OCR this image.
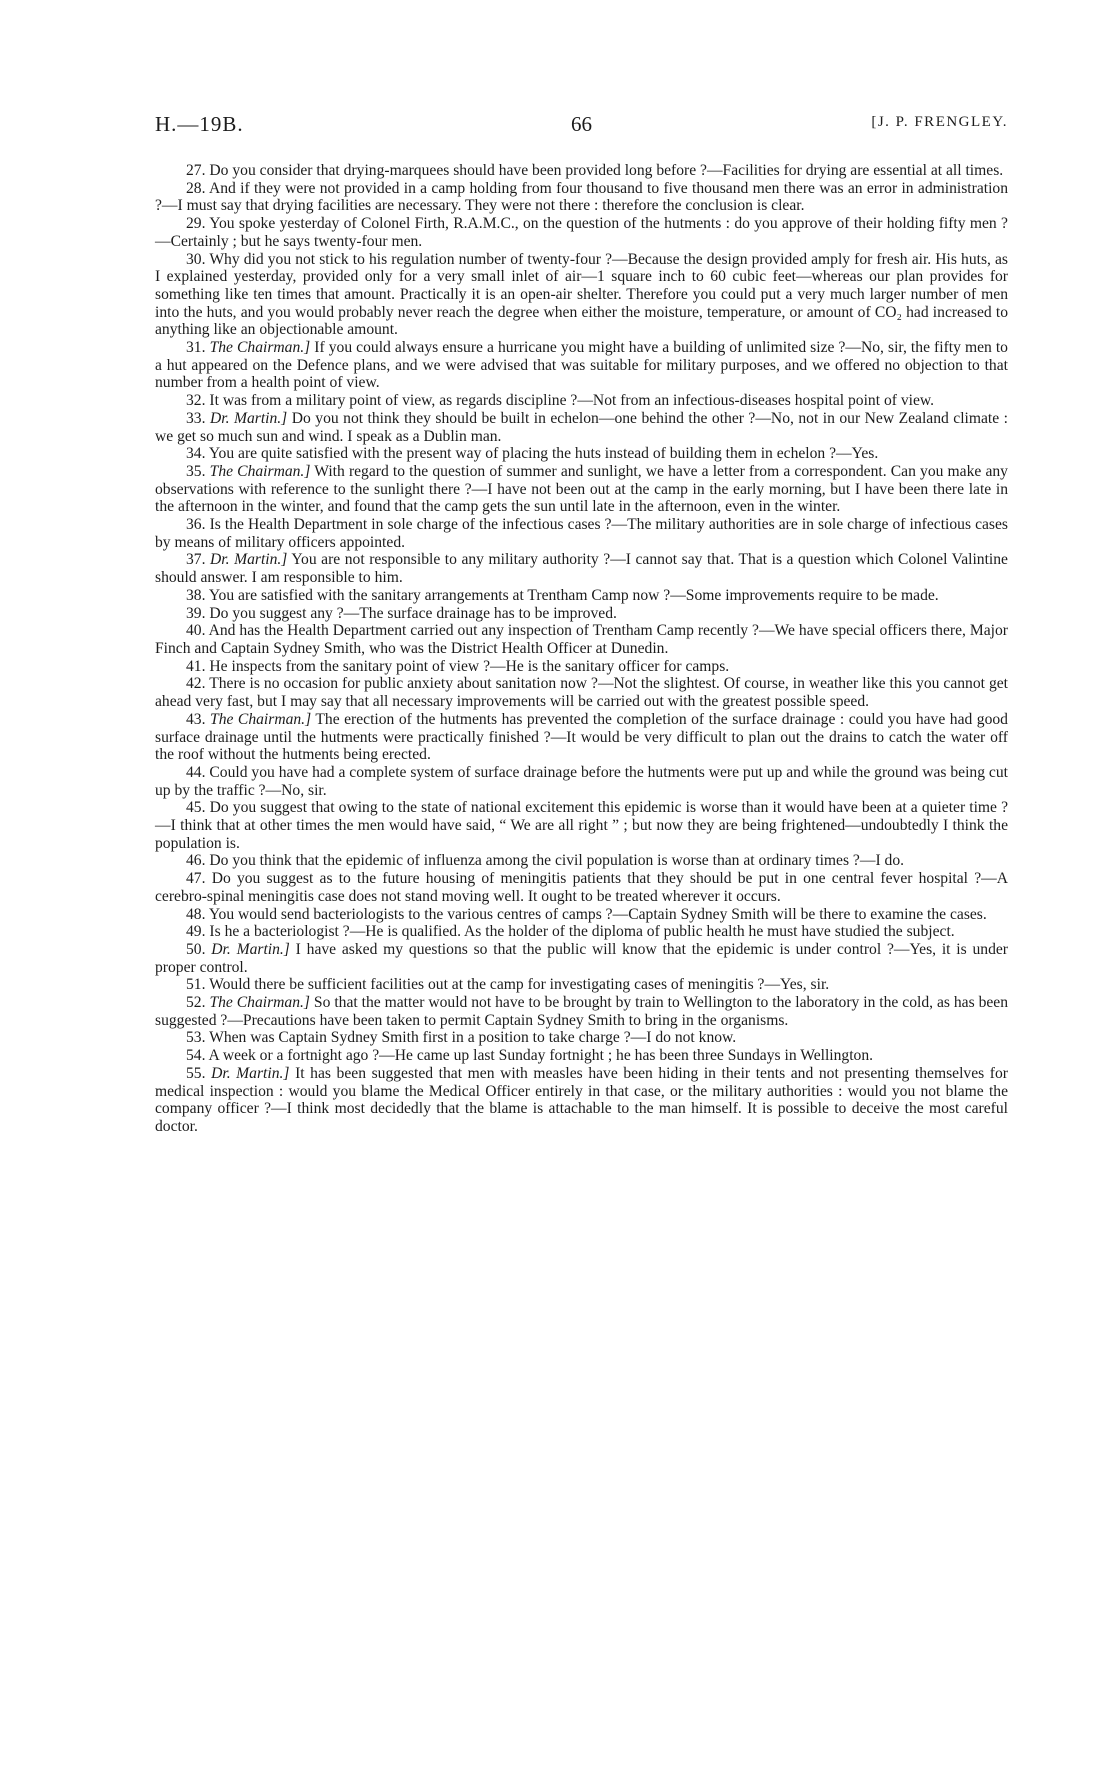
H.—19B.	66	[J. P. FRENGLEY.

27. Do you consider that drying-marquees should have been provided long before ?—Facilities for drying are essential at all times.

28. And if they were not provided in a camp holding from four thousand to five thousand men there was an error in administration ?—I must say that drying facilities are necessary. They were not there : therefore the conclusion is clear.

29. You spoke yesterday of Colonel Firth, R.A.M.C., on the question of the hutments : do you approve of their holding fifty men ?—Certainly ; but he says twenty-four men.

30. Why did you not stick to his regulation number of twenty-four ?—Because the design provided amply for fresh air. His huts, as I explained yesterday, provided only for a very small inlet of air—1 square inch to 60 cubic feet—whereas our plan provides for something like ten times that amount. Practically it is an open-air shelter. Therefore you could put a very much larger number of men into the huts, and you would probably never reach the degree when either the moisture, temperature, or amount of CO₂ had increased to anything like an objectionable amount.

31. The Chairman.] If you could always ensure a hurricane you might have a building of unlimited size ?—No, sir, the fifty men to a hut appeared on the Defence plans, and we were advised that was suitable for military purposes, and we offered no objection to that number from a health point of view.

32. It was from a military point of view, as regards discipline ?—Not from an infectious-diseases hospital point of view.

33. Dr. Martin.] Do you not think they should be built in echelon—one behind the other ?—No, not in our New Zealand climate : we get so much sun and wind. I speak as a Dublin man.

34. You are quite satisfied with the present way of placing the huts instead of building them in echelon ?—Yes.

35. The Chairman.] With regard to the question of summer and sunlight, we have a letter from a correspondent. Can you make any observations with reference to the sunlight there ?—I have not been out at the camp in the early morning, but I have been there late in the afternoon in the winter, and found that the camp gets the sun until late in the afternoon, even in the winter.

36. Is the Health Department in sole charge of the infectious cases ?—The military authorities are in sole charge of infectious cases by means of military officers appointed.

37. Dr. Martin.] You are not responsible to any military authority ?—I cannot say that. That is a question which Colonel Valintine should answer. I am responsible to him.

38. You are satisfied with the sanitary arrangements at Trentham Camp now ?—Some improvements require to be made.

39. Do you suggest any ?—The surface drainage has to be improved.

40. And has the Health Department carried out any inspection of Trentham Camp recently ?—We have special officers there, Major Finch and Captain Sydney Smith, who was the District Health Officer at Dunedin.

41. He inspects from the sanitary point of view ?—He is the sanitary officer for camps.

42. There is no occasion for public anxiety about sanitation now ?—Not the slightest. Of course, in weather like this you cannot get ahead very fast, but I may say that all necessary improvements will be carried out with the greatest possible speed.

43. The Chairman.] The erection of the hutments has prevented the completion of the surface drainage : could you have had good surface drainage until the hutments were practically finished ?—It would be very difficult to plan out the drains to catch the water off the roof without the hutments being erected.

44. Could you have had a complete system of surface drainage before the hutments were put up and while the ground was being cut up by the traffic ?—No, sir.

45. Do you suggest that owing to the state of national excitement this epidemic is worse than it would have been at a quieter time ?—I think that at other times the men would have said, “ We are all right ” ; but now they are being frightened—undoubtedly I think the population is.

46. Do you think that the epidemic of influenza among the civil population is worse than at ordinary times ?—I do.

47. Do you suggest as to the future housing of meningitis patients that they should be put in one central fever hospital ?—A cerebro-spinal meningitis case does not stand moving well. It ought to be treated wherever it occurs.

48. You would send bacteriologists to the various centres of camps ?—Captain Sydney Smith will be there to examine the cases.

49. Is he a bacteriologist ?—He is qualified. As the holder of the diploma of public health he must have studied the subject.

50. Dr. Martin.] I have asked my questions so that the public will know that the epidemic is under control ?—Yes, it is under proper control.

51. Would there be sufficient facilities out at the camp for investigating cases of meningitis ?—Yes, sir.

52. The Chairman.] So that the matter would not have to be brought by train to Wellington to the laboratory in the cold, as has been suggested ?—Precautions have been taken to permit Captain Sydney Smith to bring in the organisms.

53. When was Captain Sydney Smith first in a position to take charge ?—I do not know.

54. A week or a fortnight ago ?—He came up last Sunday fortnight ; he has been three Sundays in Wellington.

55. Dr. Martin.] It has been suggested that men with measles have been hiding in their tents and not presenting themselves for medical inspection : would you blame the Medical Officer entirely in that case, or the military authorities : would you not blame the company officer ?—I think most decidedly that the blame is attachable to the man himself. It is possible to deceive the most careful doctor.
